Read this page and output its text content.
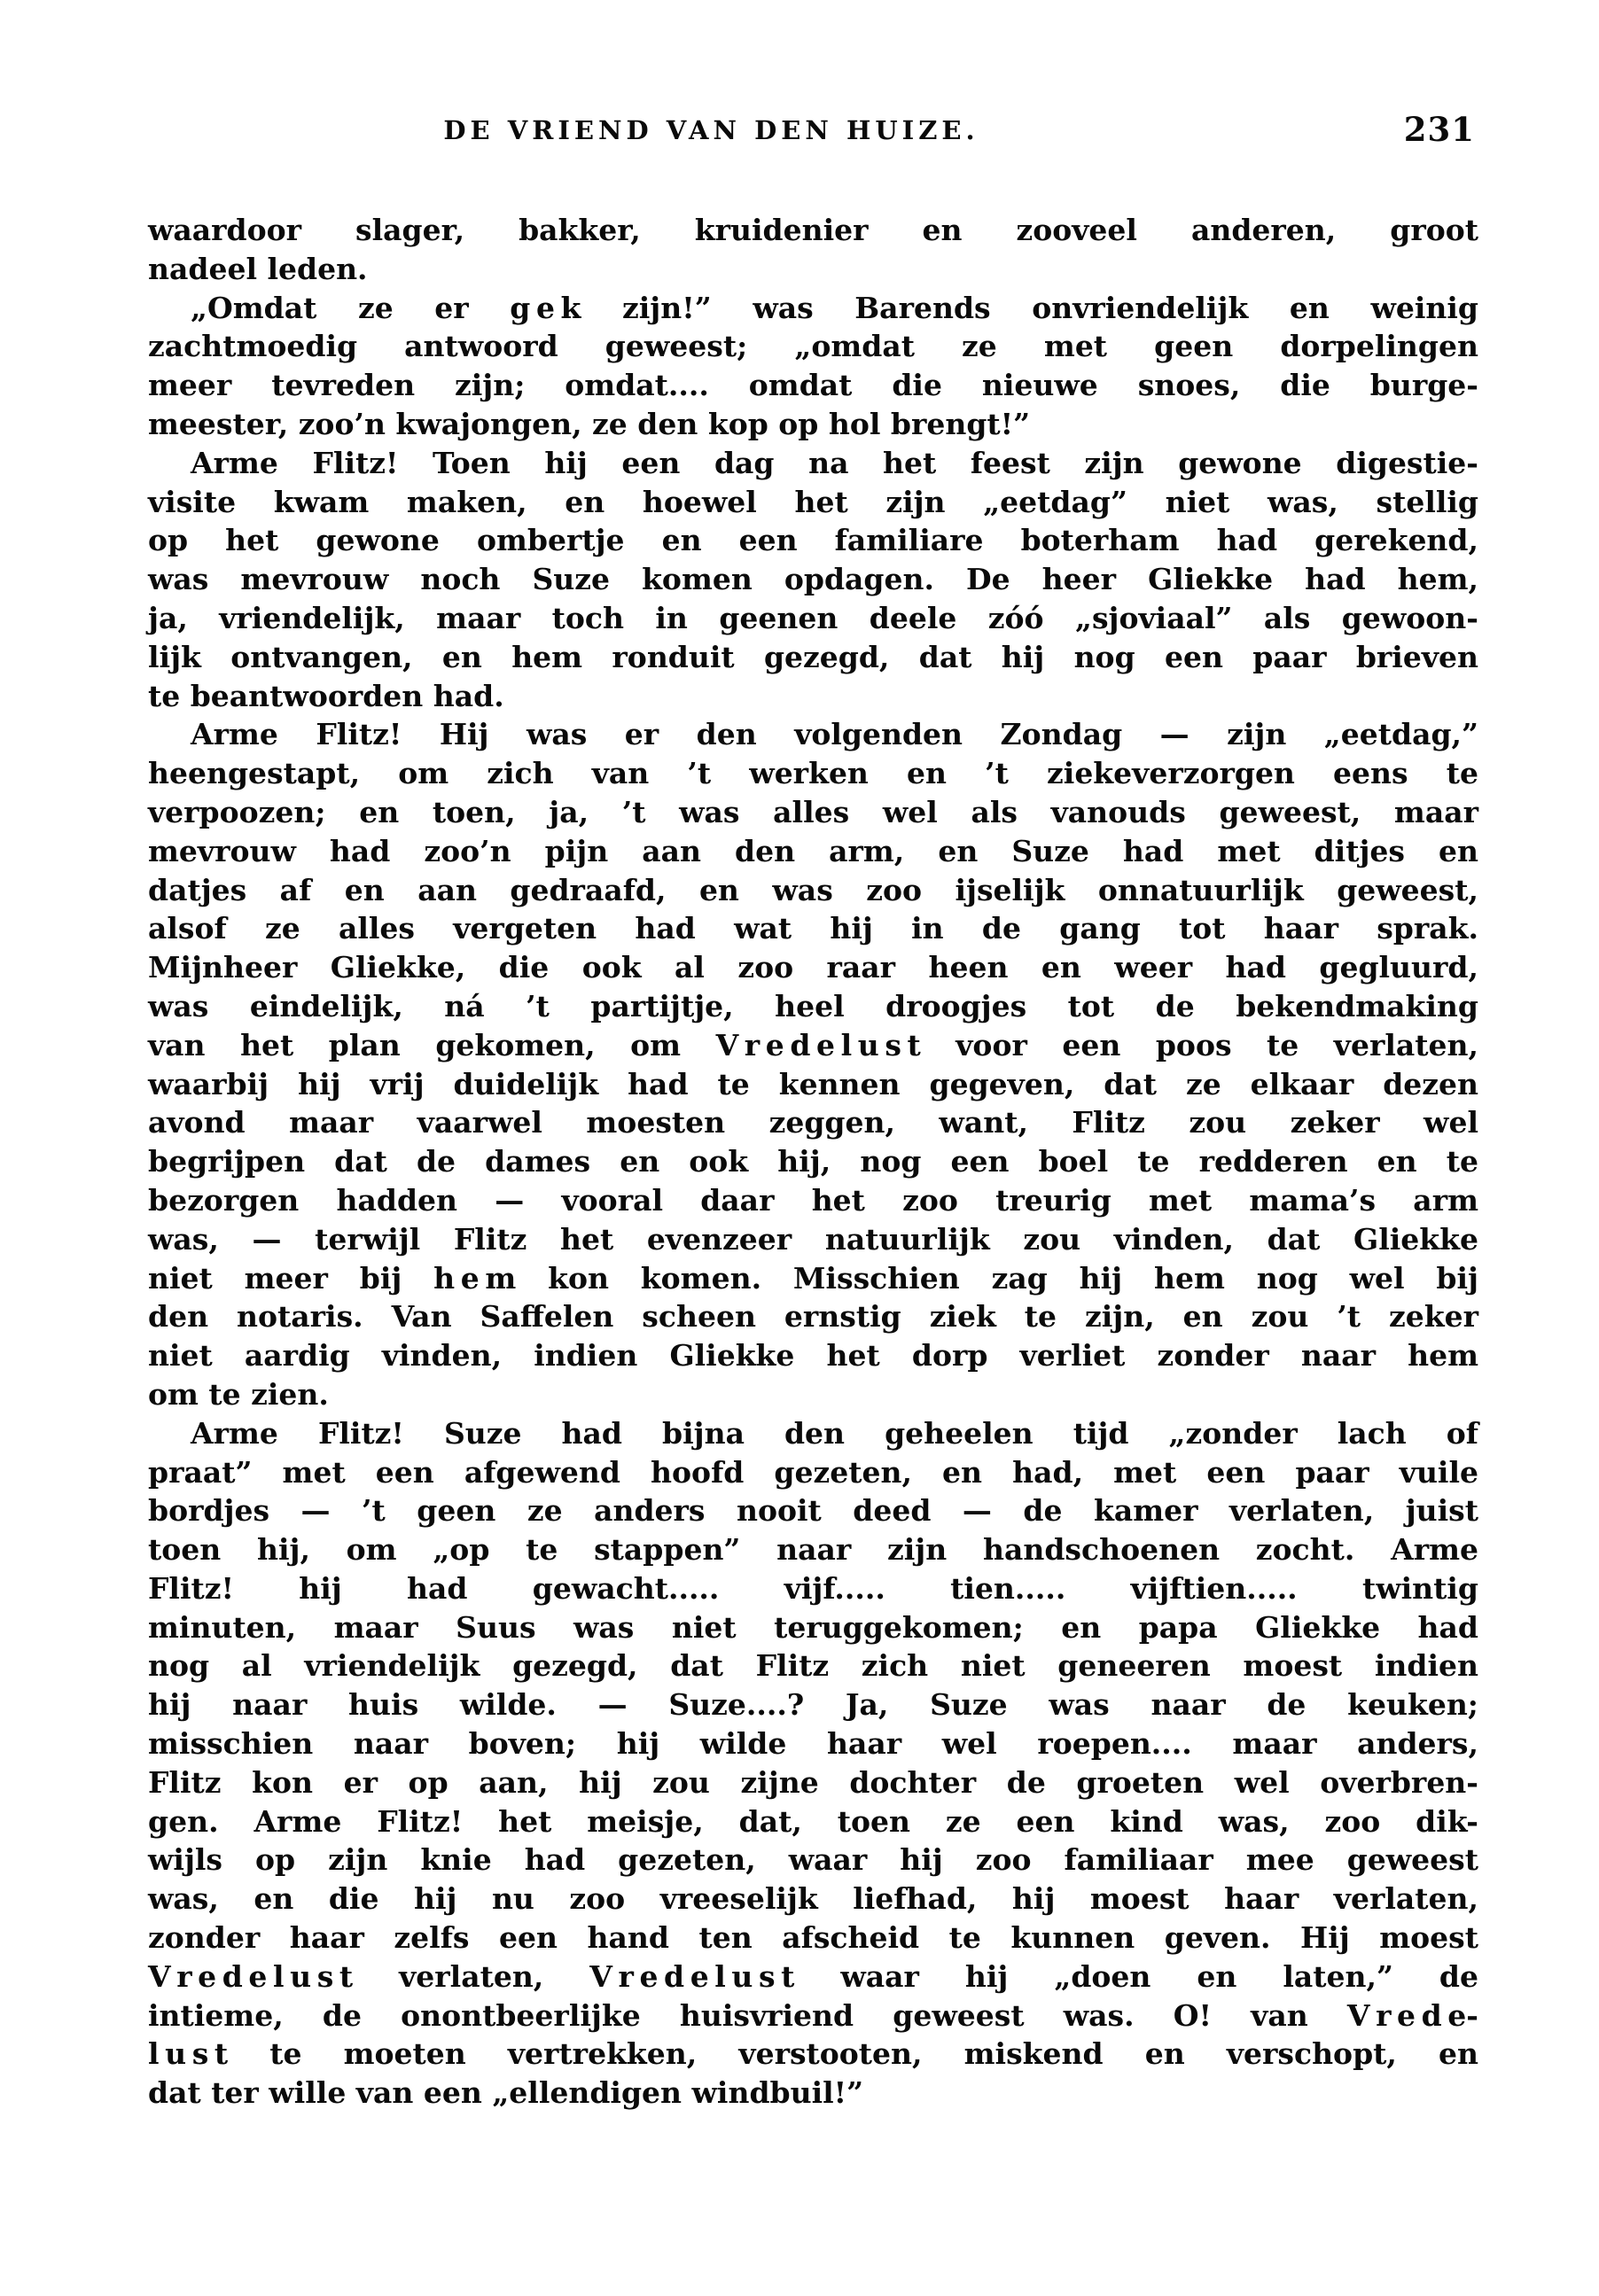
DE VRIEND VAN DEN HUIZE.	231
waardoor slager, bakker, kruidenier en zooveel anderen, groot
nadeel leden.
„Omdat ze er g e k zijn!” was Barends onvriendelijk en weinig
zachtmoedig antwoord geweest; „omdat ze met geen dorpelingen
meer tevreden zijn; omdat.... omdat die nieuwe snoes, die burge-
meester, zoo’n kwajongen, ze den kop op hol brengt!”
Arme Flitz! Toen hij een dag na het feest zijn gewone digestie-
visite kwam maken, en hoewel het zijn „eetdag” niet was, stellig
op het gewone ombertje en een familiare boterham had gerekend,
was mevrouw noch Suze komen opdagen. De heer Gliekke had hem,
ja, vriendelijk, maar toch in geenen deele zóó „sjoviaal” als gewoon-
lijk ontvangen, en hem ronduit gezegd, dat hij nog een paar brieven
te beantwoorden had.
Arme Flitz! Hij was er den volgenden Zondag — zijn „eetdag,”
heengestapt, om zich van ’t werken en ’t ziekeverzorgen eens te
verpoozen; en toen, ja, ’t was alles wel als vanouds geweest, maar
mevrouw had zoo’n pijn aan den arm, en Suze had met ditjes en
datjes af en aan gedraafd, en was zoo ijselijk onnatuurlijk geweest,
alsof ze alles vergeten had wat hij in de gang tot haar sprak.
Mijnheer Gliekke, die ook al zoo raar heen en weer had gegluurd,
was eindelijk, ná ’t partijtje, heel droogjes tot de bekendmaking
van het plan gekomen, om V r e d e l u s t voor een poos te verlaten,
waarbij hij vrij duidelijk had te kennen gegeven, dat ze elkaar dezen
avond maar vaarwel moesten zeggen, want, Flitz zou zeker wel
begrijpen dat de dames en ook hij, nog een boel te redderen en te
bezorgen hadden — vooral daar het zoo treurig met mama’s arm
was, — terwijl Flitz het evenzeer natuurlijk zou vinden, dat Gliekke
niet meer bij h e m kon komen. Misschien zag hij hem nog wel bij
den notaris. Van Saffelen scheen ernstig ziek te zijn, en zou ’t zeker
niet aardig vinden, indien Gliekke het dorp verliet zonder naar hem
om te zien.
Arme Flitz! Suze had bijna den geheelen tijd „zonder lach of
praat” met een afgewend hoofd gezeten, en had, met een paar vuile
bordjes — ’t geen ze anders nooit deed — de kamer verlaten, juist
toen hij, om „op te stappen” naar zijn handschoenen zocht. Arme
Flitz! hij had gewacht..... vijf..... tien..... vijftien..... twintig
minuten, maar Suus was niet teruggekomen; en papa Gliekke had
nog al vriendelijk gezegd, dat Flitz zich niet geneeren moest indien
hij naar huis wilde. — Suze....? Ja, Suze was naar de keuken;
misschien naar boven; hij wilde haar wel roepen.... maar anders,
Flitz kon er op aan, hij zou zijne dochter de groeten wel overbren-
gen. Arme Flitz! het meisje, dat, toen ze een kind was, zoo dik-
wijls op zijn knie had gezeten, waar hij zoo familiaar mee geweest
was, en die hij nu zoo vreeselijk liefhad, hij moest haar verlaten,
zonder haar zelfs een hand ten afscheid te kunnen geven. Hij moest
V r e d e l u s t verlaten, V r e d e l u s t waar hij „doen en laten,” de
intieme, de onontbeerlijke huisvriend geweest was. O! van V r e d e-
l u s t te moeten vertrekken, verstooten, miskend en verschopt, en
dat ter wille van een „ellendigen windbuil!”
